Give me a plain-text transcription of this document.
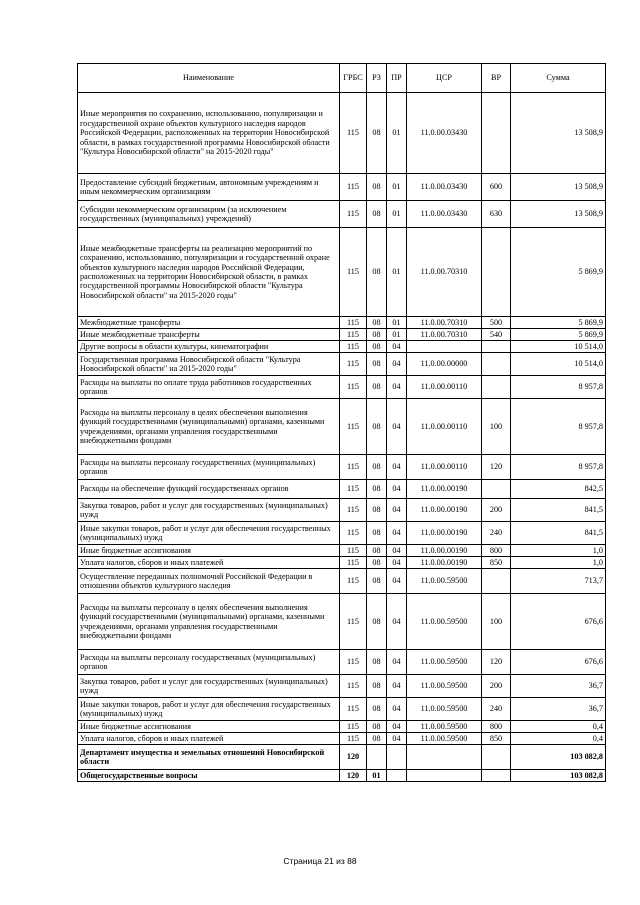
Наименование	ГРБС	РЗ	ПР	ЦСР	ВР	Сумма
Иные мероприятия по сохранению, использованию, популяризации и государственной охране объектов культурного наследия народов Российской Федерации, расположенных на территории Новосибирской области, в рамках государственной программы Новосибирской области "Культура Новосибирской области" на 2015-2020 годы"	115	08	01	11.0.00.03430		13 508,9
Предоставление субсидий бюджетным, автономным учреждениям и иным некоммерческим организациям	115	08	01	11.0.00.03430	600	13 508,9
Субсидии некоммерческим организациям (за исключением государственных (муниципальных) учреждений)	115	08	01	11.0.00.03430	630	13 508,9
Иные межбюджетные трансферты на реализацию мероприятий по сохранению, использованию, популяризации и государственной охране объектов культурного наследия народов Российской Федерации, расположенных на территории Новосибирской области, в рамках государственной программы Новосибирской области "Культура Новосибирской области" на 2015-2020 годы"	115	08	01	11.0.00.70310		5 869,9
Межбюджетные трансферты	115	08	01	11.0.00.70310	500	5 869,9
Иные межбюджетные трансферты	115	08	01	11.0.00.70310	540	5 869,9
Другие вопросы в области культуры, кинематографии	115	08	04			10 514,0
Государственная программа Новосибирской области "Культура Новосибирской области" на 2015-2020 годы"	115	08	04	11.0.00.00000		10 514,0
Расходы на выплаты по оплате труда работников государственных органов	115	08	04	11.0.00.00110		8 957,8
Расходы на выплаты персоналу в целях обеспечения выполнения функций государственными (муниципальными) органами, казенными учреждениями, органами управления государственными внебюджетными фондами	115	08	04	11.0.00.00110	100	8 957,8
Расходы на выплаты персоналу государственных (муниципальных) органов	115	08	04	11.0.00.00110	120	8 957,8
Расходы на обеспечение функций государственных органов	115	08	04	11.0.00.00190		842,5
Закупка товаров, работ и услуг для государственных (муниципальных) нужд	115	08	04	11.0.00.00190	200	841,5
Иные закупки товаров, работ и услуг для обеспечения государственных (муниципальных) нужд	115	08	04	11.0.00.00190	240	841,5
Иные бюджетные ассигнования	115	08	04	11.0.00.00190	800	1,0
Уплата налогов, сборов и иных платежей	115	08	04	11.0.00.00190	850	1,0
Осуществление переданных полномочий Российской Федерации в отношении объектов культурного наследия	115	08	04	11.0.00.59500		713,7
Расходы на выплаты персоналу в целях обеспечения выполнения функций государственными (муниципальными) органами, казенными учреждениями, органами управления государственными внебюджетными фондами	115	08	04	11.0.00.59500	100	676,6
Расходы на выплаты персоналу государственных (муниципальных) органов	115	08	04	11.0.00.59500	120	676,6
Закупка товаров, работ и услуг для государственных (муниципальных) нужд	115	08	04	11.0.00.59500	200	36,7
Иные закупки товаров, работ и услуг для обеспечения государственных (муниципальных) нужд	115	08	04	11.0.00.59500	240	36,7
Иные бюджетные ассигнования	115	08	04	11.0.00.59500	800	0,4
Уплата налогов, сборов и иных платежей	115	08	04	11.0.00.59500	850	0,4
Департамент имущества и земельных отношений Новосибирской области	120					103 082,8
Общегосударственные вопросы	120	01				103 082,8
Страница 21 из 88
